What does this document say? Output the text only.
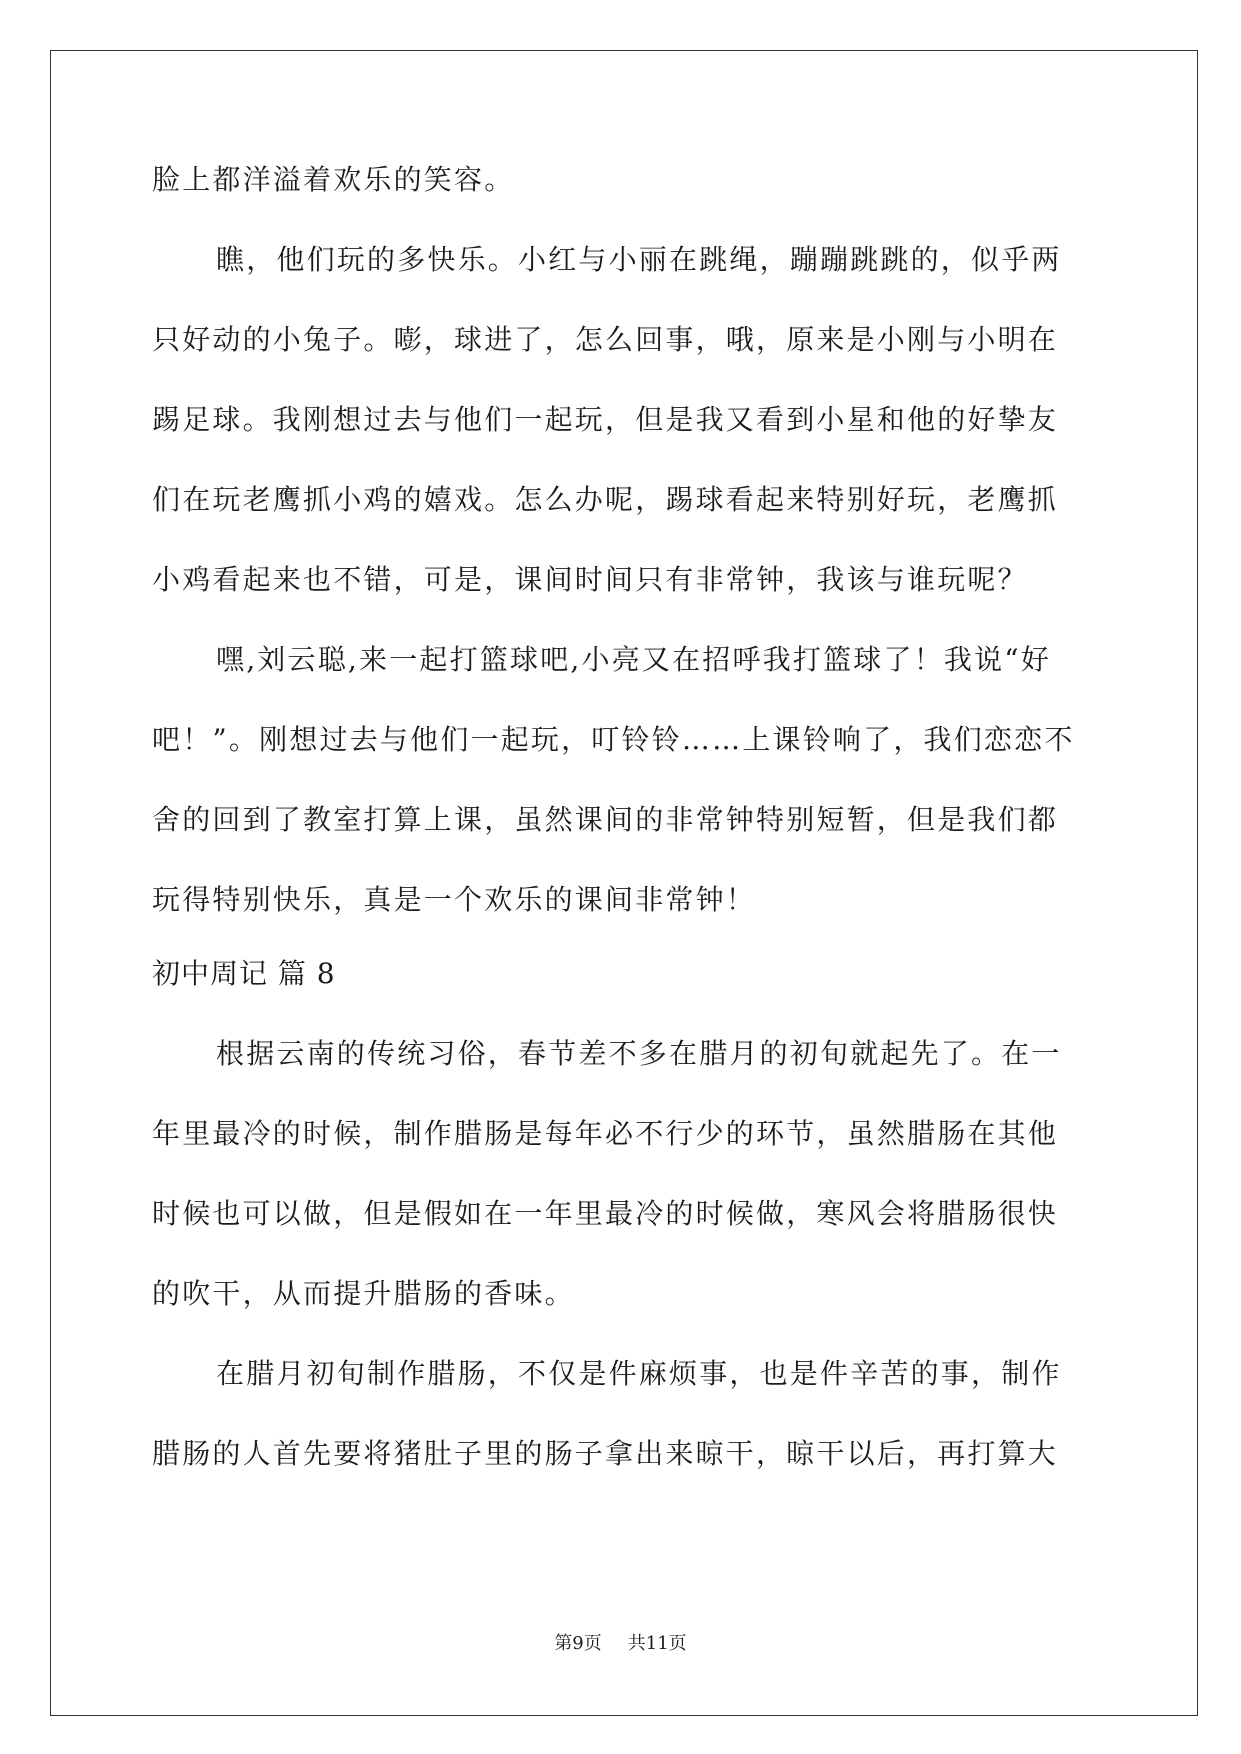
脸上都洋溢着欢乐的笑容。
瞧，他们玩的多快乐。小红与小丽在跳绳，蹦蹦跳跳的，似乎两
只好动的小兔子。嘭，球进了，怎么回事，哦，原来是小刚与小明在
踢足球。我刚想过去与他们一起玩，但是我又看到小星和他的好挚友
们在玩老鹰抓小鸡的嬉戏。怎么办呢，踢球看起来特别好玩，老鹰抓
小鸡看起来也不错，可是，课间时间只有非常钟，我该与谁玩呢？
嘿,刘云聪,来一起打篮球吧,小亮又在招呼我打篮球了！我说“好
吧！”。刚想过去与他们一起玩，叮铃铃……上课铃响了，我们恋恋不
舍的回到了教室打算上课，虽然课间的非常钟特别短暂，但是我们都
玩得特别快乐，真是一个欢乐的课间非常钟！
初中周记 篇 8
根据云南的传统习俗，春节差不多在腊月的初旬就起先了。在一
年里最冷的时候，制作腊肠是每年必不行少的环节，虽然腊肠在其他
时候也可以做，但是假如在一年里最冷的时候做，寒风会将腊肠很快
的吹干，从而提升腊肠的香味。
在腊月初旬制作腊肠，不仅是件麻烦事，也是件辛苦的事，制作
腊肠的人首先要将猪肚子里的肠子拿出来晾干，晾干以后，再打算大
第9页 共11页
